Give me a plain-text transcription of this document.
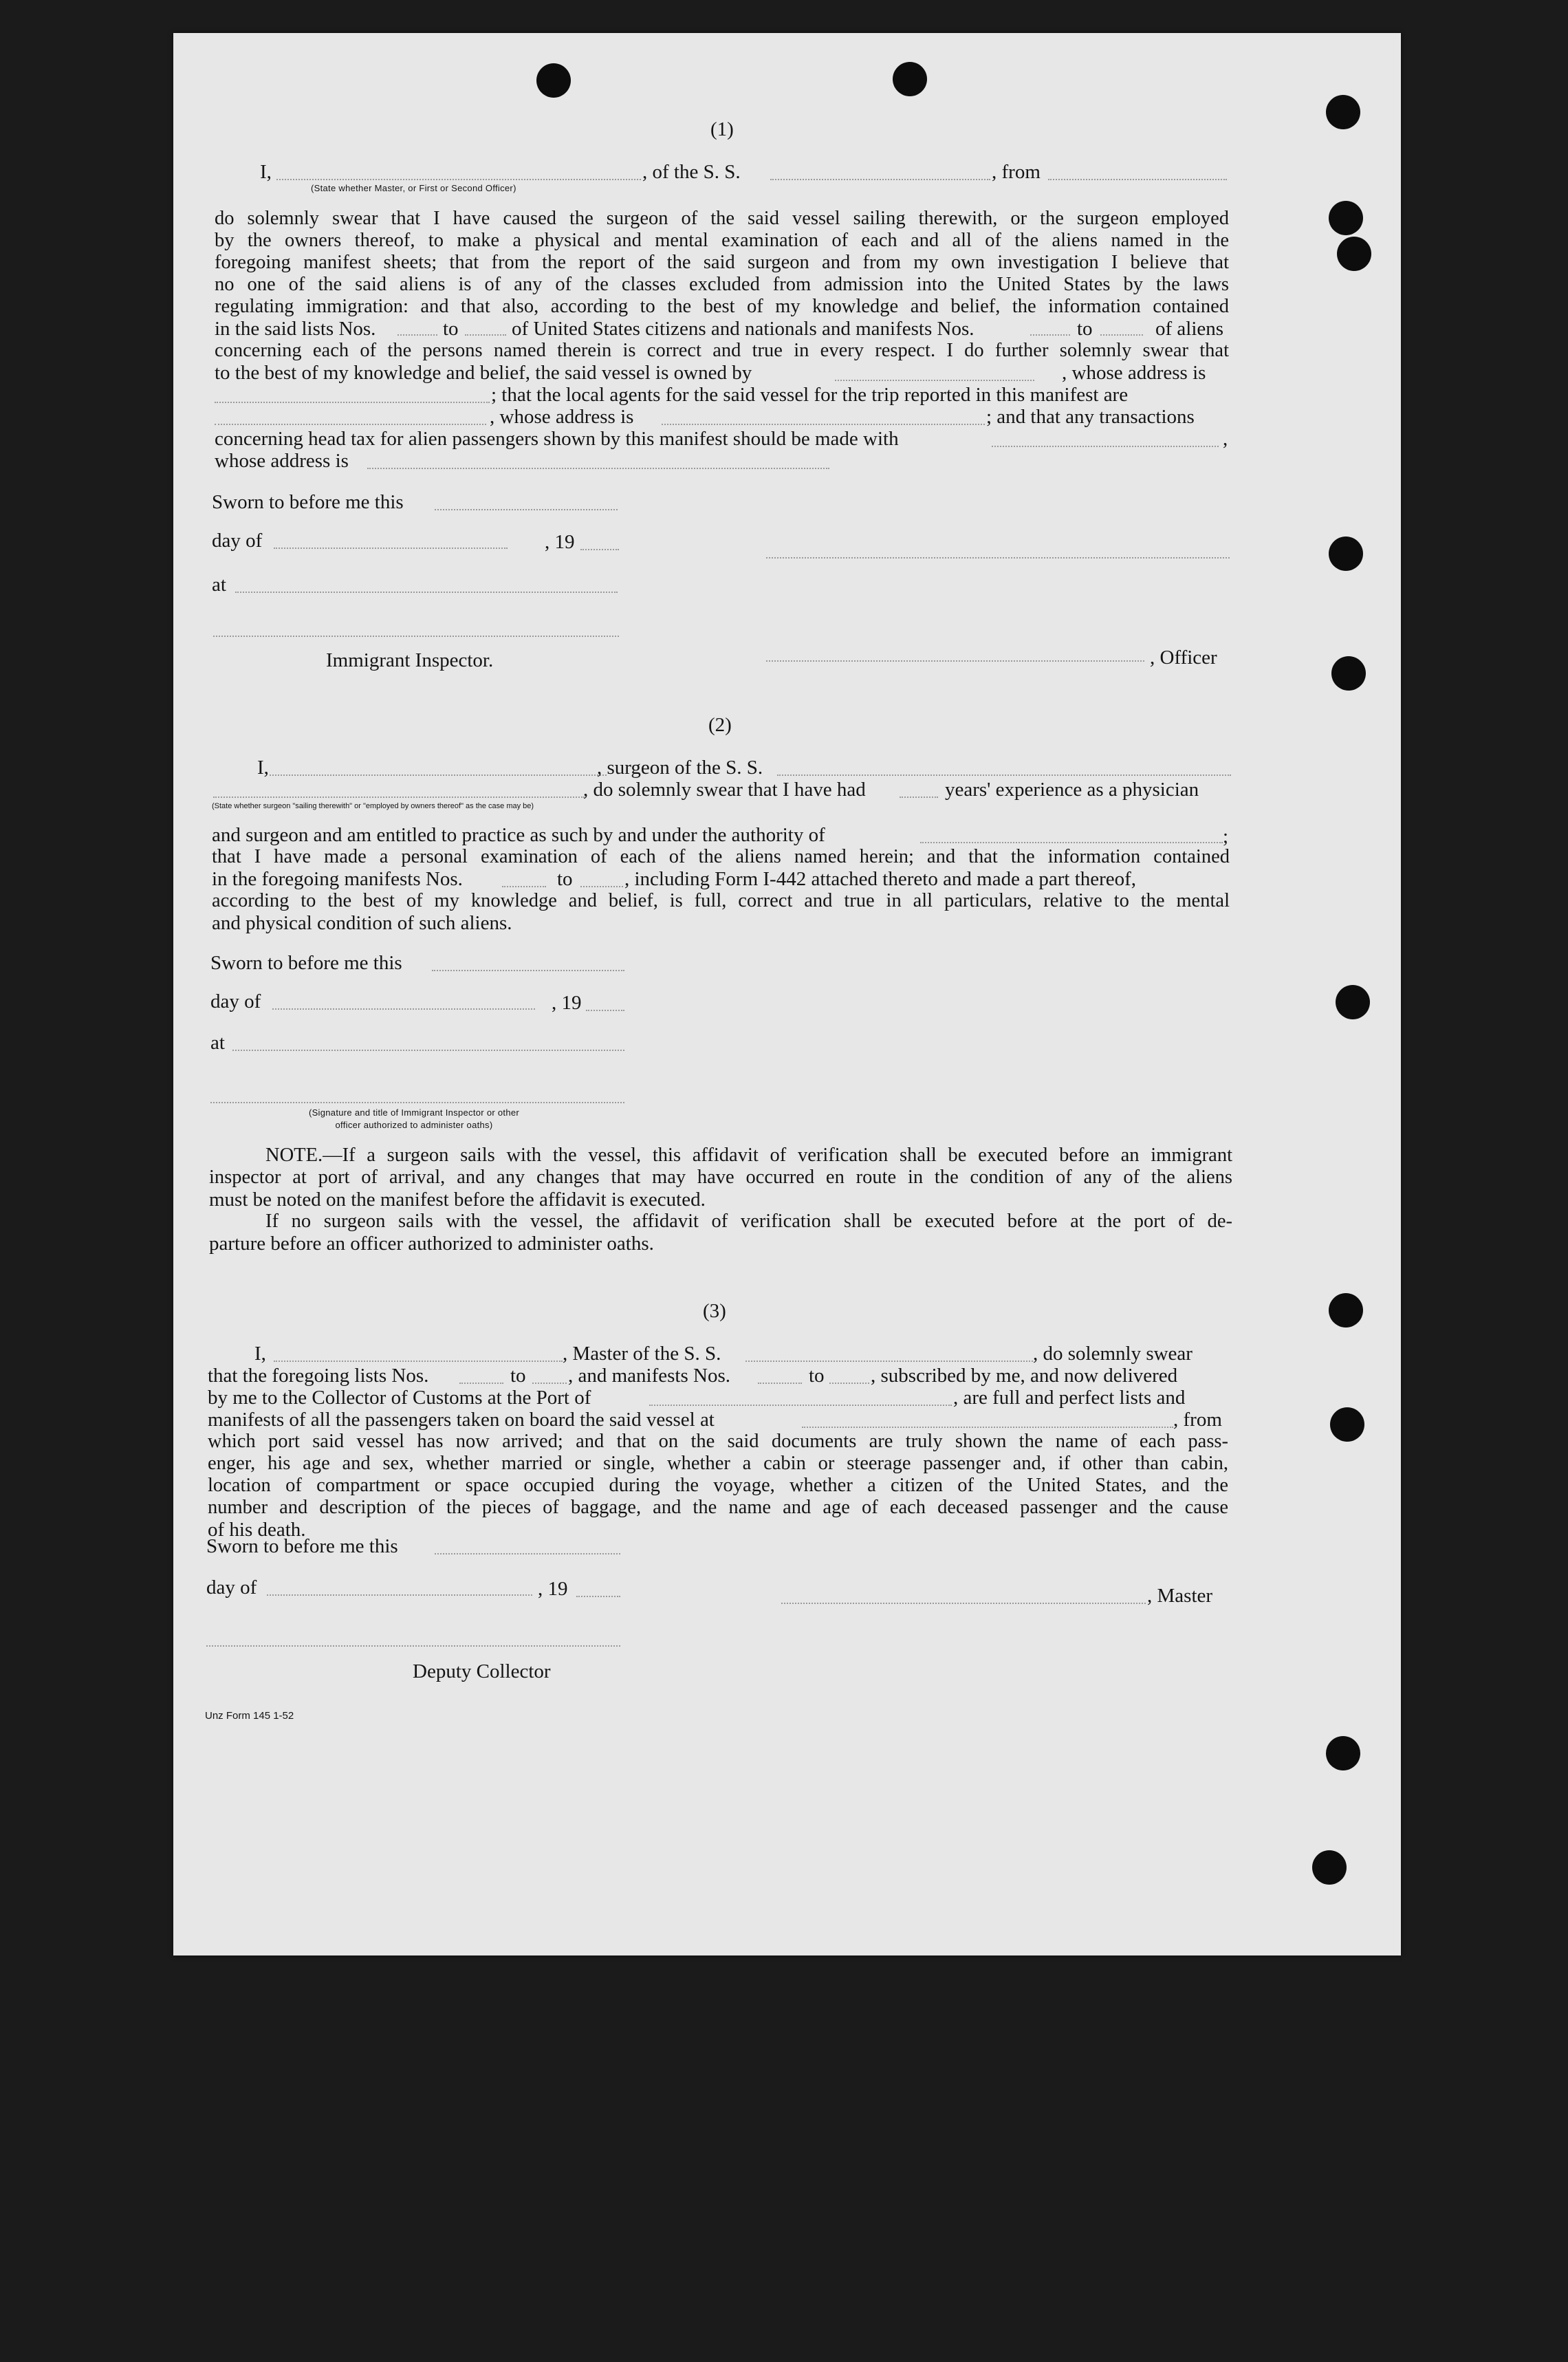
(1)
I,	, of the S. S.	, from
(State whether Master, or First or Second Officer)
do solemnly swear that I have caused the surgeon of the said vessel sailing therewith, or the surgeon employed
by the owners thereof, to make a physical and mental examination of each and all of the aliens named in the
foregoing manifest sheets; that from the report of the said surgeon and from my own investigation I believe that
no one of the said aliens is of any of the classes excluded from admission into the United States by the laws
regulating immigration: and that also, according to the best of my knowledge and belief, the information contained
in the said lists Nos.	to	of United States citizens and nationals and manifests Nos.	to	of aliens
concerning each of the persons named therein is correct and true in every respect. I do further solemnly swear that
to the best of my knowledge and belief, the said vessel is owned by	, whose address is
; that the local agents for the said vessel for the trip reported in this manifest are
, whose address is	; and that any transactions
concerning head tax for alien passengers shown by this manifest should be made with	,
whose address is
Sworn to before me this
day of	, 19
at
Immigrant Inspector.	, Officer
(2)
I,	, surgeon of the S. S.
, do solemnly swear that I have had	years' experience as a physician
(State whether surgeon "sailing therewith" or "employed by owners thereof" as the case may be)
and surgeon and am entitled to practice as such by and under the authority of	;
that I have made a personal examination of each of the aliens named herein; and that the information contained
in the foregoing manifests Nos.	to	, including Form I-442 attached thereto and made a part thereof,
according to the best of my knowledge and belief, is full, correct and true in all particulars, relative to the mental
and physical condition of such aliens.
Sworn to before me this
day of	, 19
at
(Signature and title of Immigrant Inspector or other
officer authorized to administer oaths)
NOTE.—If a surgeon sails with the vessel, this affidavit of verification shall be executed before an immigrant
inspector at port of arrival, and any changes that may have occurred en route in the condition of any of the aliens
must be noted on the manifest before the affidavit is executed.
If no surgeon sails with the vessel, the affidavit of verification shall be executed before at the port of de-
parture before an officer authorized to administer oaths.
(3)
I,	, Master of the S. S.	, do solemnly swear
that the foregoing lists Nos.	to , and manifests Nos.	to , subscribed by me, and now delivered
by me to the Collector of Customs at the Port of	, are full and perfect lists and
manifests of all the passengers taken on board the said vessel at	, from
which port said vessel has now arrived; and that on the said documents are truly shown the name of each pass-
enger, his age and sex, whether married or single, whether a cabin or steerage passenger and, if other than cabin,
location of compartment or space occupied during the voyage, whether a citizen of the United States, and the
number and description of the pieces of baggage, and the name and age of each deceased passenger and the cause
of his death.
Sworn to before me this
day of	, 19	, Master
Deputy Collector
Unz Form 145 1-52
